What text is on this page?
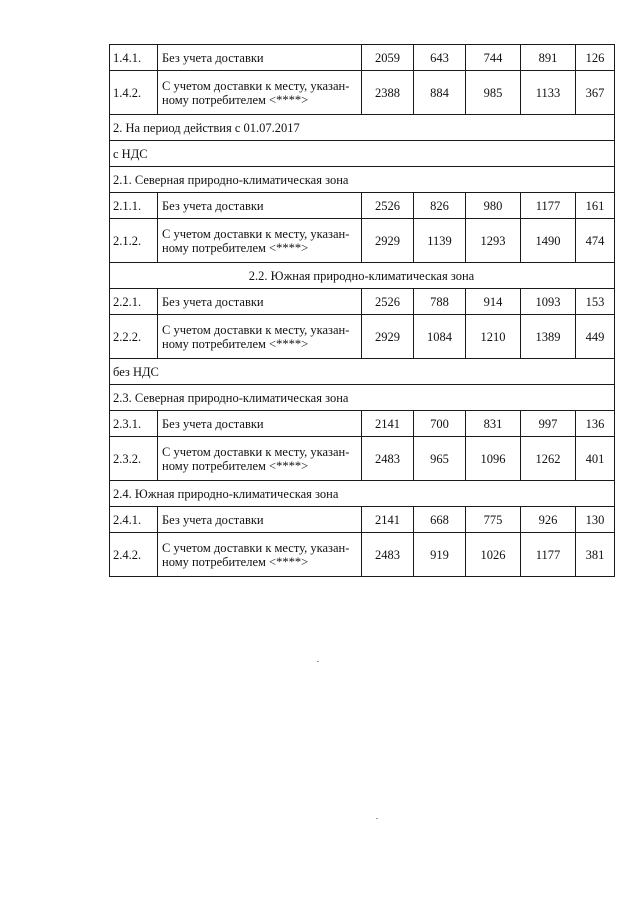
1.4.1.	Без учета доставки	2059	643	744	891	126
1.4.2.	С учетом доставки к месту, указан-ному потребителем <****>	2388	884	985	1133	367
2. На период действия с 01.07.2017						
с НДС						
2.1. Северная природно-климатическая зона						
2.1.1.	Без учета доставки	2526	826	980	1177	161
2.1.2.	С учетом доставки к месту, указан-ному потребителем <****>	2929	1139	1293	1490	474
2.2. Южная природно-климатическая зона						
2.2.1.	Без учета доставки	2526	788	914	1093	153
2.2.2.	С учетом доставки к месту, указан-ному потребителем <****>	2929	1084	1210	1389	449
без НДС						
2.3. Северная природно-климатическая зона						
2.3.1.	Без учета доставки	2141	700	831	997	136
2.3.2.	С учетом доставки к месту, указан-ному потребителем <****>	2483	965	1096	1262	401
2.4. Южная природно-климатическая зона						
2.4.1.	Без учета доставки	2141	668	775	926	130
2.4.2.	С учетом доставки к месту, указан-ному потребителем <****>	2483	919	1026	1177	381
